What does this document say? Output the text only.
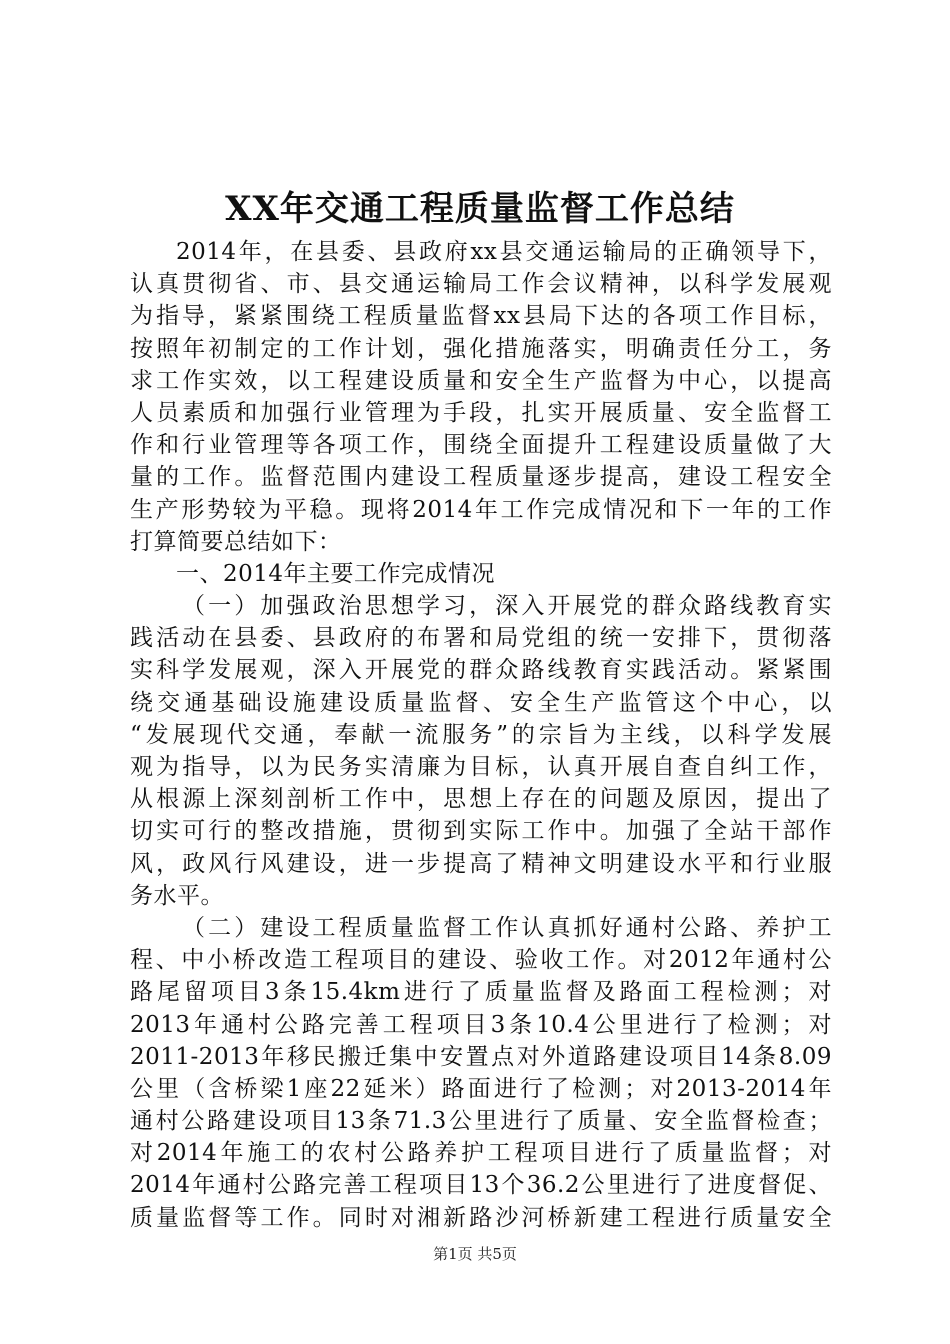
XX年交通工程质量监督工作总结
2014年，在县委、县政府xx县交通运输局的正确领导下，
认真贯彻省、市、县交通运输局工作会议精神，以科学发展观
为指导，紧紧围绕工程质量监督xx县局下达的各项工作目标，
按照年初制定的工作计划，强化措施落实，明确责任分工，务
求工作实效，以工程建设质量和安全生产监督为中心，以提高
人员素质和加强行业管理为手段，扎实开展质量、安全监督工
作和行业管理等各项工作，围绕全面提升工程建设质量做了大
量的工作。监督范围内建设工程质量逐步提高，建设工程安全
生产形势较为平稳。现将2014年工作完成情况和下一年的工作
打算简要总结如下：
一、2014年主要工作完成情况
（一）加强政治思想学习，深入开展党的群众路线教育实
践活动在县委、县政府的布署和局党组的统一安排下，贯彻落
实科学发展观，深入开展党的群众路线教育实践活动。紧紧围
绕交通基础设施建设质量监督、安全生产监管这个中心，以
“发展现代交通，奉献一流服务”的宗旨为主线，以科学发展
观为指导，以为民务实清廉为目标，认真开展自查自纠工作，
从根源上深刻剖析工作中，思想上存在的问题及原因，提出了
切实可行的整改措施，贯彻到实际工作中。加强了全站干部作
风，政风行风建设，进一步提高了精神文明建设水平和行业服
务水平。
（二）建设工程质量监督工作认真抓好通村公路、养护工
程、中小桥改造工程项目的建设、验收工作。对2012年通村公
路尾留项目3条15.4km进行了质量监督及路面工程检测；对
2013年通村公路完善工程项目3条10.4公里进行了检测；对
2011-2013年移民搬迁集中安置点对外道路建设项目14条8.09
公里（含桥梁1座22延米）路面进行了检测；对2013-2014年
通村公路建设项目13条71.3公里进行了质量、安全监督检查；
对2014年施工的农村公路养护工程项目进行了质量监督；对
2014年通村公路完善工程项目13个36.2公里进行了进度督促、
质量监督等工作。同时对湘新路沙河桥新建工程进行质量安全
第1页 共5页
